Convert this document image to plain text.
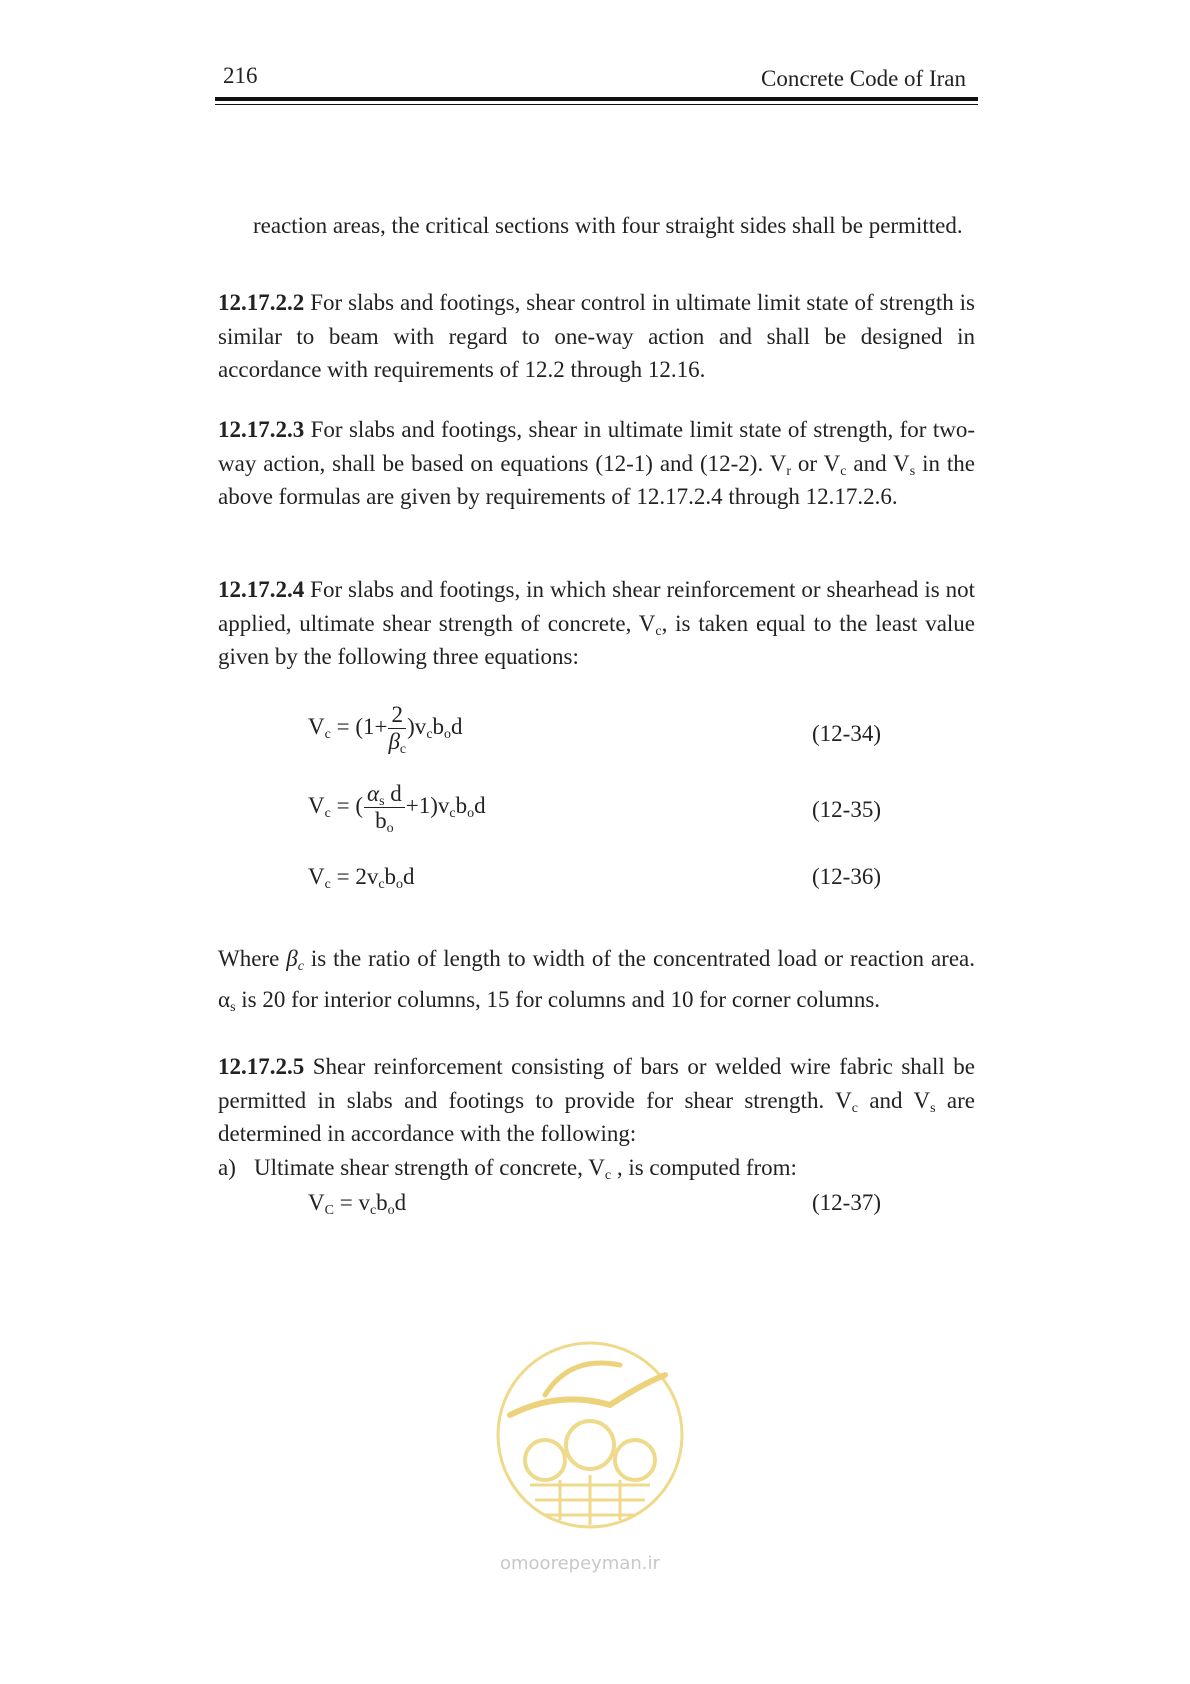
216	Concrete Code of Iran

reaction areas, the critical sections with four straight sides shall be permitted.

12.17.2.2 For slabs and footings, shear control in ultimate limit state of strength is similar to beam with regard to one-way action and shall be designed in accordance with requirements of 12.2 through 12.16.

12.17.2.3 For slabs and footings, shear in ultimate limit state of strength, for two-way action, shall be based on equations (12-1) and (12-2). $V_r$ or $V_c$ and $V_s$ in the above formulas are given by requirements of 12.17.2.4 through 12.17.2.6.

12.17.2.4 For slabs and footings, in which shear reinforcement or shearhead is not applied, ultimate shear strength of concrete, $V_c$, is taken equal to the least value given by the following three equations:

$V_c = (1+ \frac{2}{\beta_c} )v_cb_od$	(12-34)
$V_c$ = ( $\frac{\alpha_s d}{b_o} +1)v_cb_od$	(12-35)
$V_c = 2v_cb_od$	(12-36)

Where $\beta_c$ is the ratio of length to width of the concentrated load or reaction area. $\alpha_s$ is 20 for interior columns, 15 for columns and 10 for corner columns.

12.17.2.5 Shear reinforcement consisting of bars or welded wire fabric shall be permitted in slabs and footings to provide for shear strength. $V_c$ and $V_s$ are determined in accordance with the following:

a) Ultimate shear strength of concrete, $V_c$ , is computed from:
$V_C = v_cb_od$	(12-37)
omoorepeyman.ir
